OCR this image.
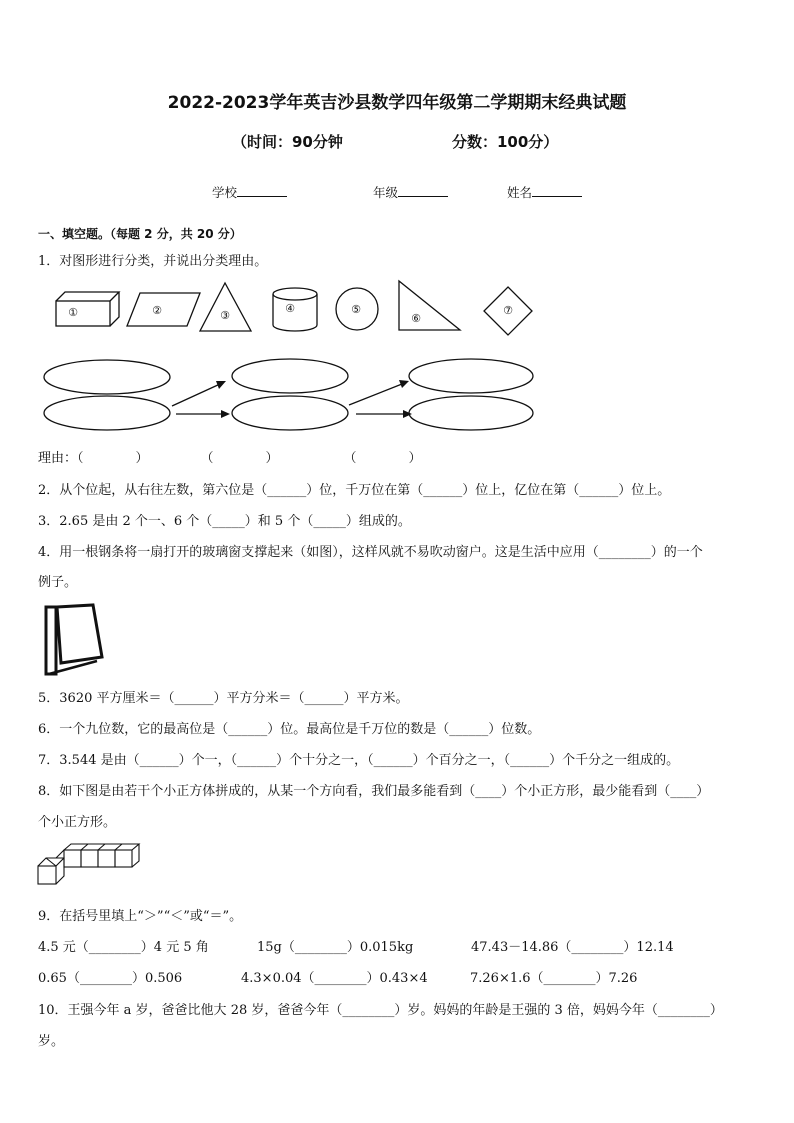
2022-2023学年英吉沙县数学四年级第二学期期末经典试题
（时间：90分钟	分数：100分）
学校	年级	姓名
一、填空题。（每题 2 分，共 20 分）
1．对图形进行分类，并说出分类理由。
①	②	③
④	⑤
⑥
⑦
理由：（　　　　）　　　　　（　　　　）　　　　　　（　　　　）
2．从个位起，从右往左数，第六位是（______）位，千万位在第（______）位上，亿位在第（______）位上。
3．2.65 是由 2 个一、6 个（_____）和 5 个（_____）组成的。
4．用一根钢条将一扇打开的玻璃窗支撑起来（如图），这样风就不易吹动窗户。这是生活中应用（________）的一个
例子。
5．3620 平方厘米＝（______）平方分米＝（______）平方米。
6．一个九位数，它的最高位是（______）位。最高位是千万位的数是（______）位数。
7．3.544 是由（______）个一，（______）个十分之一，（______）个百分之一，（______）个千分之一组成的。
8．如下图是由若干个小正方体拼成的，从某一个方向看，我们最多能看到（____）个小正方形，最少能看到（____）
个小正方形。
9．在括号里填上“＞”“＜”或“＝”。
4.5 元（________）4 元 5 角	15g（________）0.015kg	47.43－14.86（________）12.14
0.65（________）0.506	4.3×0.04（________）0.43×4	7.26×1.6（________）7.26
10．王强今年 a 岁，爸爸比他大 28 岁，爸爸今年（________）岁。妈妈的年龄是王强的 3 倍，妈妈今年（________）
岁。
